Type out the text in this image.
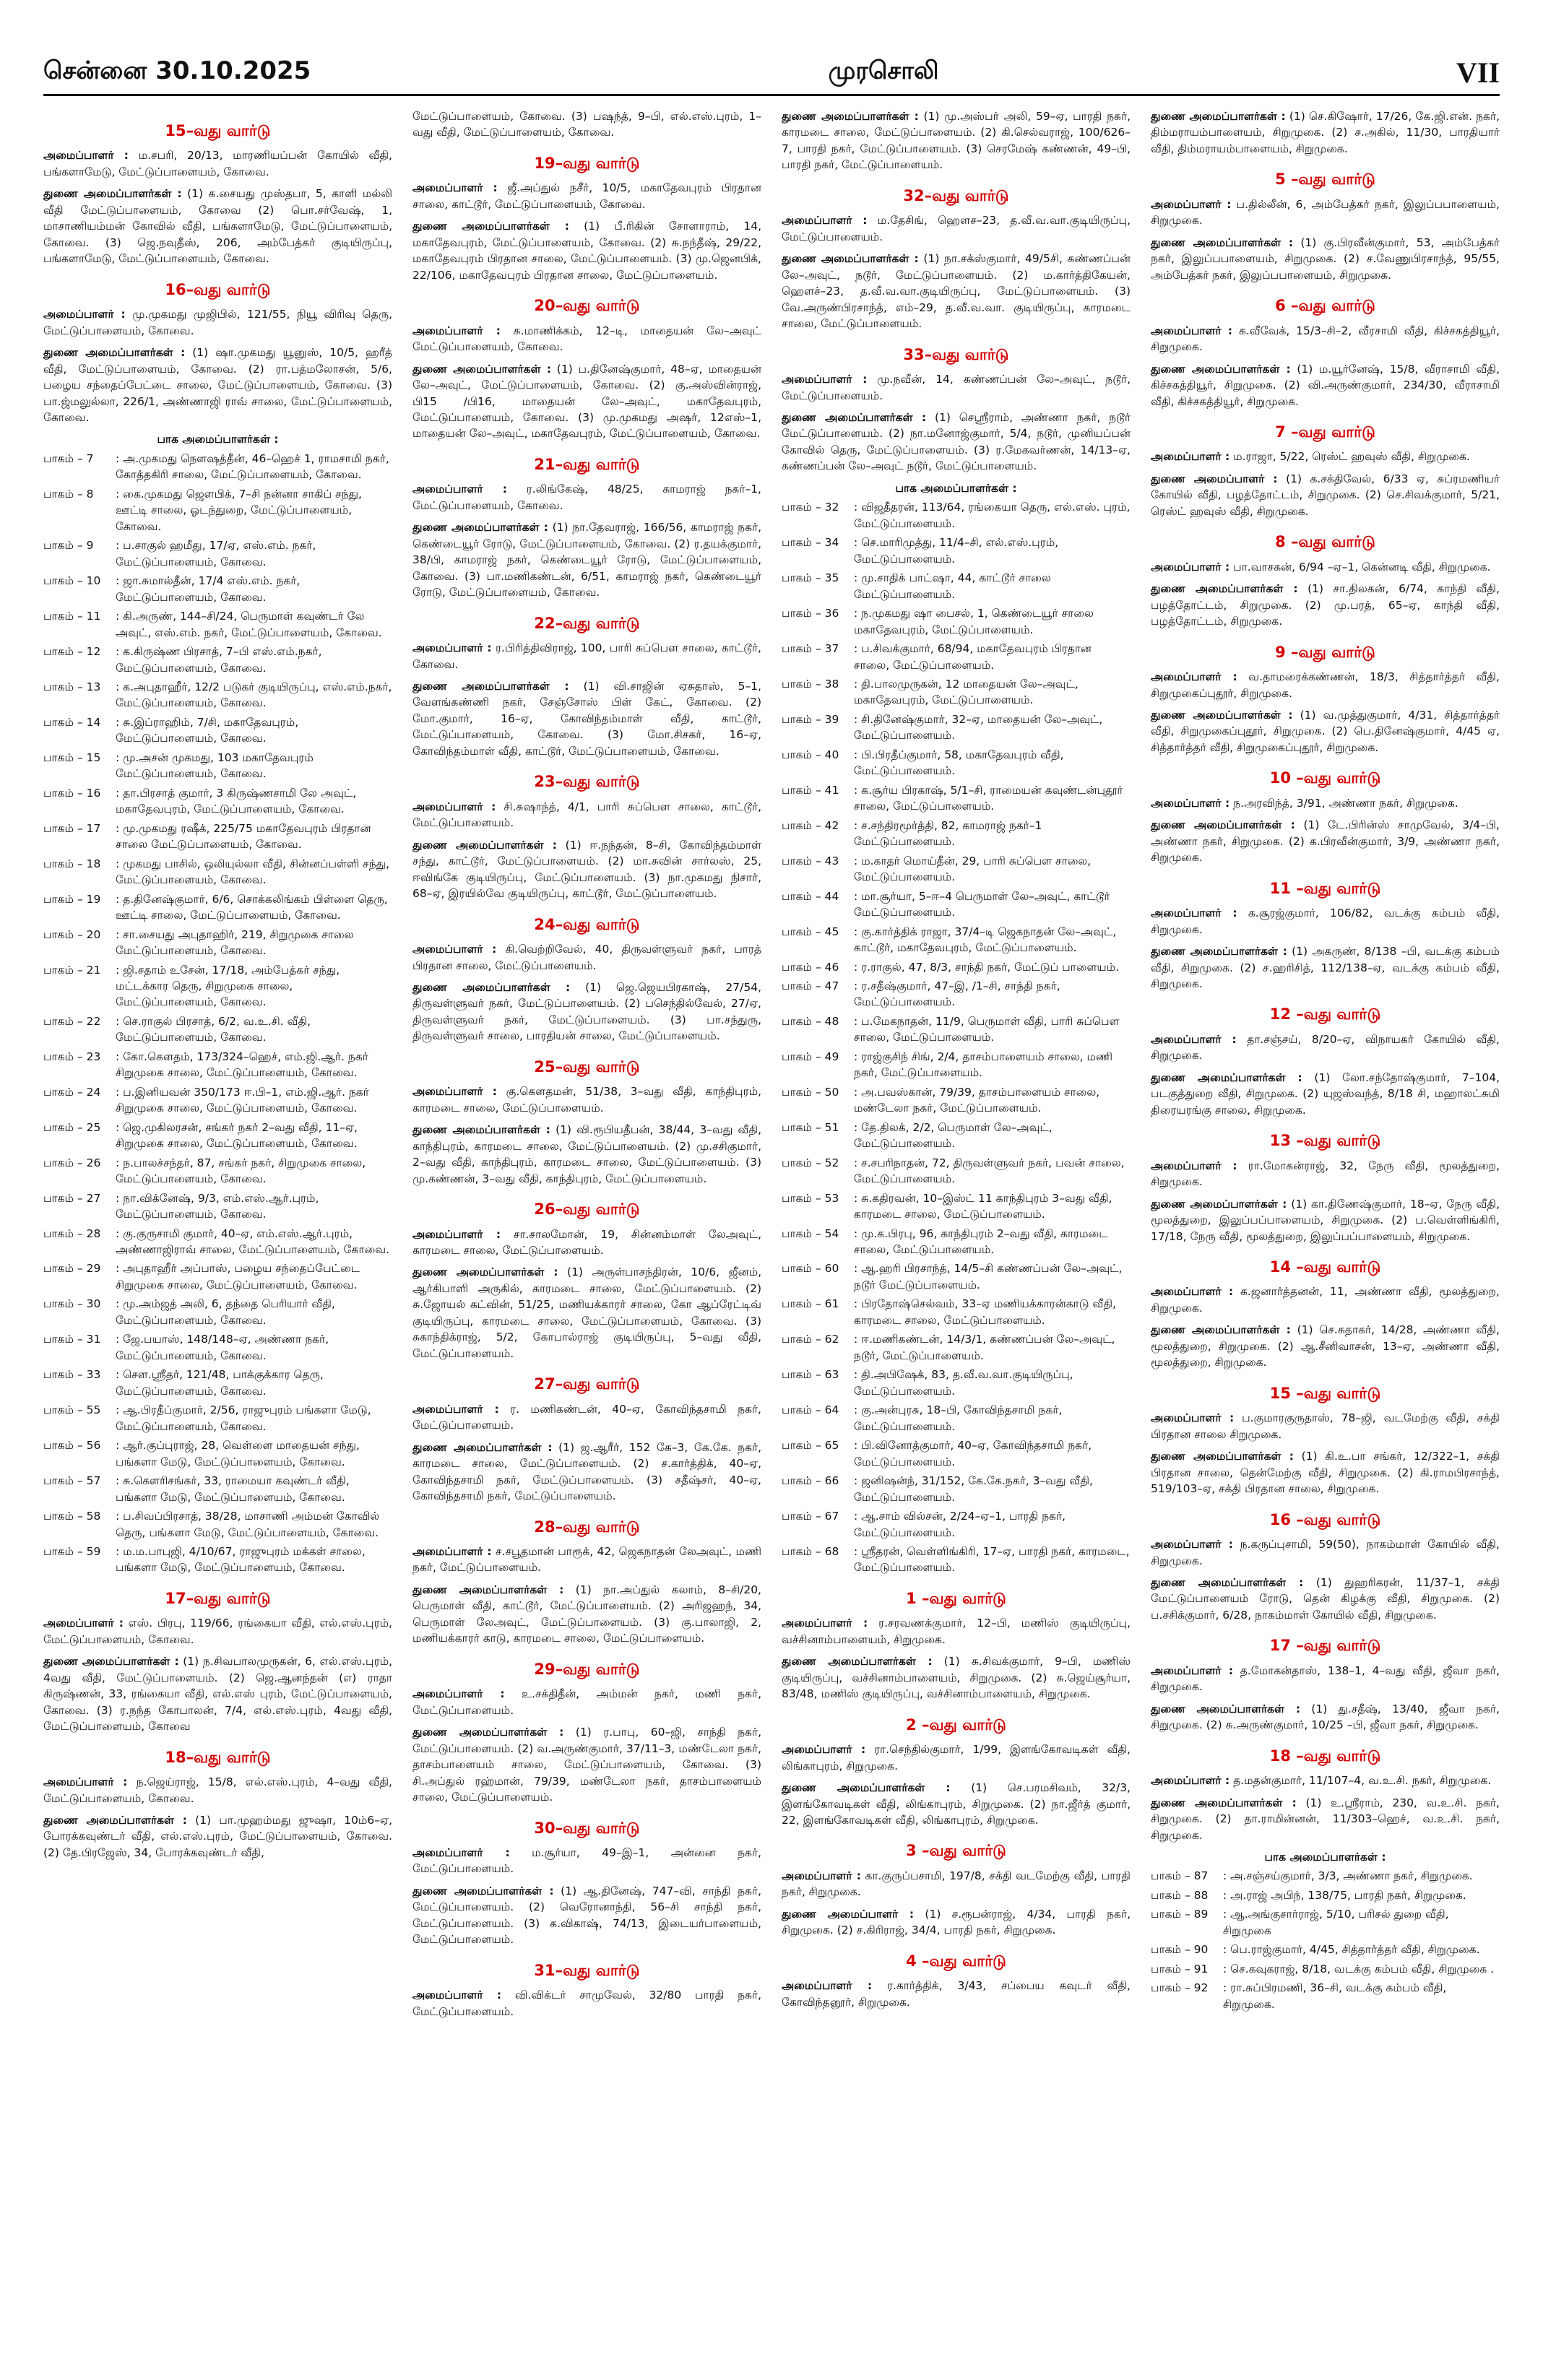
சென்னை 30.10.2025	முரசொலி	VII
15–வது வார்டு
அமைப்பாளர் : ம.சபரி, 20/13, மாரணியப்பன் கோயில் வீதி, பங்களாமேடு, மேட்டுப்பாளையம், கோவை.
துணை அமைப்பாளர்கள் : (1) க.சையது முஸ்தபா, 5, காளி மல்லி வீதி மேட்டுப்பாளையம், கோவை (2) பொ.சர்வேஷ், 1, மாசாணியம்மன் கோவில் வீதி, பங்களாமேடு, மேட்டுப்பாளையம், கோவை. (3) ஜெ.நவுதீஸ், 206, அம்பேத்கர் குடியிருப்பு, பங்களாமேடு, மேட்டுப்பாளையம், கோவை.
16–வது வார்டு
அமைப்பாளர் : மு.முகமது முஜிபில், 121/55, நியூ விரிவு தெரு, மேட்டுப்பாளையம், கோவை.
துணை அமைப்பாளர்கள் : (1) ஷா.முகமது யூனுஸ், 10/5, ஹரீத் வீதி, மேட்டுப்பாளையம், கோவை. (2) ரா.பத்மலோசன், 5/6, பழைய சந்தைப்பேட்டை சாலை, மேட்டுப்பாளையம், கோவை. (3) பா.ஜ்மலுல்லா, 226/1, அண்ணாஜி ராவ் சாலை, மேட்டுப்பாளையம், கோவை.
பாக அமைப்பாளர்கள் :
பாகம் – 7	: அ.முகமது நௌஷத்தீன், 46–ஹெச் 1, ராமசாமி நகர், கோத்தகிரி சாலை, மேட்டுப்பாளையம், கோவை.
பாகம் – 8	: கை.முகமது ஜௌபிக், 7–சி நன்னா சாகிப் சந்து, ஊட்டி சாலை, ஓடந்துறை, மேட்டுப்பாளையம், கோவை.
பாகம் – 9	: ப.சாகுல் ஹமீது, 17/ஏ, எஸ்.எம். நகர், மேட்டுப்பாளையம், கோவை.
பாகம் – 10	: ஜா.சுமால்தீன், 17/4 எஸ்.எம். நகர், மேட்டுப்பாளையம், கோவை.
பாகம் – 11	: கி.அருண், 144–சி/24, பெருமாள் கவுண்டர் லே அவுட், எஸ்.எம். நகர், மேட்டுப்பாளையம், கோவை.
பாகம் – 12	: க.கிருஷ்ண பிரசாத், 7–பி எஸ்.எம்.நகர், மேட்டுப்பாளையம், கோவை.
பாகம் – 13	: க.அபுதாஹீர், 12/2 படுகர் குடியிருப்பு, எஸ்.எம்.நகர், மேட்டுப்பாளையம், கோவை.
பாகம் – 14	: சு.இப்ராஹிம், 7/சி, மகாதேவபுரம், மேட்டுப்பாளையம், கோவை.
பாகம் – 15	: மு.அசன் முகமது, 103 மகாதேவபுரம் மேட்டுப்பாளையம், கோவை.
பாகம் – 16	: தா.பிரசாத் குமார், 3 கிருஷ்ணசாமி லே அவுட், மகாதேவபுரம், மேட்டுப்பாளையம், கோவை.
பாகம் – 17	: மு.முகமது ரஷீக், 225/75 மகாதேவபுரம் பிரதான சாலை மேட்டுப்பாளையம், கோவை.
பாகம் – 18	: முகமது பாசில், ஒலியுல்லா வீதி, சின்னப்பள்ளி சந்து, மேட்டுப்பாளையம், கோவை.
பாகம் – 19	: த.தினேஷ்குமார், 6/6, சொக்கலிங்கம் பிள்ளை தெரு, ஊட்டி சாலை, மேட்டுப்பாளையம், கோவை.
பாகம் – 20	: சா.சையது அபுதாஹிர், 219, சிறுமுகை சாலை மேட்டுப்பாளையம், கோவை.
பாகம் – 21	: ஜி.சதாம் உசேன், 17/18, அம்பேத்கர் சந்து, மட்டக்கார தெரு, சிறுமுகை சாலை, மேட்டுப்பாளையம், கோவை.
பாகம் – 22	: செ.ராகுல் பிரசாத், 6/2, வ.உ.சி. வீதி, மேட்டுப்பாளையம், கோவை.
பாகம் – 23	: கோ.கௌதம், 173/324–ஹெச், எம்.ஜி.ஆர். நகர் சிறுமுகை சாலை, மேட்டுப்பாளையம், கோவை.
பாகம் – 24	: ப.இனியவன் 350/173 ஈ.பி–1, எம்.ஜி.ஆர். நகர் சிறுமுகை சாலை, மேட்டுப்பாளையம், கோவை.
பாகம் – 25	: ஜெ.முகிலரசன், சங்கர் நகர் 2–வது வீதி, 11–ஏ, சிறுமுகை சாலை, மேட்டுப்பாளையம், கோவை.
பாகம் – 26	: ந.பாலச்சந்தர், 87, சங்கர் நகர், சிறுமுகை சாலை, மேட்டுப்பாளையம், கோவை.
பாகம் – 27	: நா.விக்னேஷ், 9/3, எம்.எஸ்.ஆர்.புரம், மேட்டுப்பாளையம், கோவை.
பாகம் – 28	: கு.குருசாமி குமார், 40–ஏ, எம்.எஸ்.ஆர்.புரம், அண்ணாஜிராவ் சாலை, மேட்டுப்பாளையம், கோவை.
பாகம் – 29	: அபுதாஹீர் அப்பாஸ், பழைய சந்தைப்பேட்டை சிறுமுகை சாலை, மேட்டுப்பாளையம், கோவை.
பாகம் – 30	: மு.அம்ஜத் அலி, 6, தந்தை பெரியார் வீதி, மேட்டுப்பாளையம், கோவை.
பாகம் – 31	: ஜே.பயாஸ், 148/148–ஏ, அண்ணா நகர், மேட்டுப்பாளையம், கோவை.
பாகம் – 33	: சௌ.ஸ்ரீதர், 121/48, பாக்குக்கார தெரு, மேட்டுப்பாளையம், கோவை.
பாகம் – 55	: ஆ.பிரதீப்குமார், 2/56, ராஜுபுரம் பங்களா மேடு, மேட்டுப்பாளையம், கோவை.
பாகம் – 56	: ஆர்.குப்புராஜ், 28, வெள்ளை மாதையன் சந்து, பங்களா மேடு, மேட்டுப்பாளையம், கோவை.
பாகம் – 57	: சு.கௌரிசங்கர், 33, ராமையா கவுண்டர் வீதி, பங்களா மேடு, மேட்டுப்பாளையம், கோவை.
பாகம் – 58	: ப.சிவப்பிரசாத், 38/28, மாசாணி அம்மன் கோவில் தெரு, பங்களா மேடு, மேட்டுப்பாளையம், கோவை.
பாகம் – 59	: ம.ம.பாபுஜி, 4/10/67, ராஜுபுரம் மக்கள் சாலை, பங்களா மேடு, மேட்டுப்பாளையம், கோவை.
17–வது வார்டு
அமைப்பாளர் : எஸ். பிரபு, 119/66, ரங்கையா வீதி, எல்.எஸ்.புரம், மேட்டுப்பாளையம், கோவை.
துணை அமைப்பாளர்கள் : (1) ந.சிவபாலமுருகன், 6, எல்.எஸ்.புரம், 4வது வீதி, மேட்டுப்பாளையம். (2) ஜெ.ஆனந்தன் (எ) ராதா கிருஷ்ணன், 33, ரங்கையா வீதி, எல்.எஸ் புரம், மேட்டுப்பாளையம், கோவை. (3) ர.நந்த கோபாலன், 7/4, எல்.எஸ்.புரம், 4வது வீதி, மேட்டுப்பாளையம், கோவை
18–வது வார்டு
அமைப்பாளர் : ந.ஜெய்ராஜ், 15/8, எல்.எஸ்.புரம், 4–வது வீதி, மேட்டுப்பாளையம், கோவை.
துணை அமைப்பாளர்கள் : (1) பா.முஹம்மது ஜுஷா, 10ம்6–ஏ, போரக்கவுண்டர் வீதி, எல்.எஸ்.புரம், மேட்டுப்பாளையம், கோவை. (2) தே.பிரஜேஸ், 34, போரக்கவுண்டர் வீதி,
மேட்டுப்பாளையம், கோவை. (3) பஷந்த், 9–பி, எல்.எஸ்.புரம், 1–வது வீதி, மேட்டுப்பாளையம், கோவை.
19–வது வார்டு
அமைப்பாளர் : ஜீ.அப்துல் நசீர், 10/5, மகாதேவபுரம் பிரதான சாலை, காட்டூர், மேட்டுப்பாளையம், கோவை.
துணை அமைப்பாளர்கள் : (1) பீ.ரிகின் சோளாராம், 14, மகாதேவபுரம், மேட்டுப்பாளையம், கோவை. (2) சு.நந்தீஷ், 29/22, மகாதேவபுரம் பிரதான சாலை, மேட்டுப்பாளையம். (3) மு.ஜெனபிக், 22/106, மகாதேவபுரம் பிரதான சாலை, மேட்டுப்பாளையம்.
20–வது வார்டு
அமைப்பாளர் : சு.மாணிக்கம், 12–டி, மாதையன் லே–அவுட் மேட்டுப்பாளையம், கோவை.
துணை அமைப்பாளர்கள் : (1) ப.தினேஷ்குமார், 48–ஏ, மாதையன் லே–அவுட், மேட்டுப்பாளையம், கோவை. (2) கு.அஸ்வின்ராஜ், பி15 /பி16, மாதையன் லே–அவுட், மகாதேவபுரம், மேட்டுப்பாளையம், கோவை. (3) மு.முகமது அஷர், 12எஸ்–1, மாதையன் லே–அவுட், மகாதேவபுரம், மேட்டுப்பாளையம், கோவை.
21–வது வார்டு
அமைப்பாளர் : ர.லிங்கேஷ், 48/25, காமராஜ் நகர்–1, மேட்டுப்பாளையம், கோவை.
துணை அமைப்பாளர்கள் : (1) நா.தேவராஜ், 166/56, காமராஜ் நகர், கெண்டையூர் ரோடு, மேட்டுப்பாளையம், கோவை. (2) ர.தயக்குமார், 38/பி, காமராஜ் நகர், கெண்டையூர் ரோடு, மேட்டுப்பாளையம், கோவை. (3) பா.மணிகண்டன், 6/51, காமராஜ் நகர், கெண்டையூர் ரோடு, மேட்டுப்பாளையம், கோவை.
22–வது வார்டு
அமைப்பாளர் : ர.பிரித்திவிராஜ், 100, பாரி சுப்பௌ சாலை, காட்டூர், கோவை.
துணை அமைப்பாளர்கள் : (1) வி.சாஜின் ஏசுதாஸ், 5–1, வேளங்கண்ணி நகர், சேஞ்சோஸ் பிள் கேட், கோவை. (2) மோ.குமார், 16–ஏ, கோவிந்தம்மாள் வீதி, காட்டூர், மேட்டுப்பாளையம், கோவை. (3) மோ.சிசகர், 16–ஏ, கோவிந்தம்மாள் வீதி, காட்டூர், மேட்டுப்பாளையம், கோவை.
23–வது வார்டு
அமைப்பாளர் : சி.சுஷாந்த், 4/1, பாரி சுப்பௌ சாலை, காட்டூர், மேட்டுப்பாளையம்.
துணை அமைப்பாளர்கள் : (1) ஈ.நந்தன், 8–சி, கோவிந்தம்மாள் சந்து, காட்டூர், மேட்டுப்பாளையம். (2) மா.சுவின் சார்லஸ், 25, ஈவிங்கே குடியிருப்பு, மேட்டுப்பாளையம். (3) நா.முகமது நிசார், 68–ஏ, இரயில்வே குடியிருப்பு, காட்டூர், மேட்டுப்பாளையம்.
24–வது வார்டு
அமைப்பாளர் : கி.வெற்றிவேல், 40, திருவள்ளுவர் நகர், பாரத் பிரதான சாலை, மேட்டுப்பாளையம்.
துணை அமைப்பாளர்கள் : (1) ஜெ.ஜெயபிரகாஷ், 27/54, திருவள்ளுவர் நகர், மேட்டுப்பாளையம். (2) பசெந்தில்வேல், 27/ஏ, திருவள்ளுவர் நகர், மேட்டுப்பாளையம். (3) பா.சந்துரு, திருவள்ளுவர் சாலை, பாரதியன் சாலை, மேட்டுப்பாளையம்.
25–வது வார்டு
அமைப்பாளர் : கு.கௌதமன், 51/38, 3–வது வீதி, காந்திபுரம், காரமடை சாலை, மேட்டுப்பாளையம்.
துணை அமைப்பாளர்கள் : (1) வி.ரூபியதீபன், 38/44, 3–வது வீதி, காந்திபுரம், காரமடை சாலை, மேட்டுப்பாளையம். (2) மு.சசிகுமார், 2–வது வீதி, காந்திபுரம், காரமடை சாலை, மேட்டுப்பாளையம். (3) மு.கண்ணன், 3–வது வீதி, காந்திபுரம், மேட்டுப்பாளையம்.
26–வது வார்டு
அமைப்பாளர் : சா.சாலமோன், 19, சின்னம்மாள் லேஅவுட், காரமடை சாலை, மேட்டுப்பாளையம்.
துணை அமைப்பாளர்கள் : (1) அருள்பாசந்திரன், 10/6, ஜீனம், ஆர்கிபாளி அருகில், காரமடை சாலை, மேட்டுப்பாளையம். (2) சு.ஜோயல் கட்வின், 51/25, மணியக்காரர் சாலை, கோ ஆப்ரேட்டிவ் குடியிருப்பு, காரமடை சாலை, மேட்டுப்பாளையம், கோவை. (3) சுகாந்திக்ராஜ், 5/2, கோபால்ராஜ் குடியிருப்பு, 5–வது வீதி, மேட்டுப்பாளையம்.
27–வது வார்டு
அமைப்பாளர் : ர. மணிகண்டன், 40–ஏ, கோவிந்தசாமி நகர், மேட்டுப்பாளையம்.
துணை அமைப்பாளர்கள் : (1) ஜ.ஆரீர், 152 கே–3, கே.கே. நகர், காரமடை சாலை, மேட்டுப்பாளையம். (2) ச.கார்த்திக், 40–ஏ, கோவிந்தசாமி நகர், மேட்டுப்பாளையம். (3) சதீஷ்சர், 40–ஏ, கோவிந்தசாமி நகர், மேட்டுப்பாளையம்.
28–வது வார்டு
அமைப்பாளர் : ச.சபூதமான் பாரூக், 42, ஜெகநாதன் லேஅவுட், மணி நகர், மேட்டுப்பாளையம்.
துணை அமைப்பாளர்கள் : (1) நா.அப்துல் கலாம், 8–சி/20, பெருமாள் வீதி, காட்டூர், மேட்டுப்பாளையம். (2) அரிஜஹந், 34, பெருமாள் லேஅவுட், மேட்டுப்பாளையம். (3) கு.பாலாஜி, 2, மணியக்காரர் காடு, காரமடை சாலை, மேட்டுப்பாளையம்.
29–வது வார்டு
அமைப்பாளர் : உ.சக்திதீன், அம்மன் நகர், மணி நகர், மேட்டுப்பாளையம்.
துணை அமைப்பாளர்கள் : (1) ர.பாபு, 60–ஜி, சாந்தி நகர், மேட்டுப்பாளையம். (2) வ.அருண்குமார், 37/11–3, மண்டேலா நகர், தாசம்பாளையம் சாலை, மேட்டுப்பாளையம், கோவை. (3) சி.அப்துல் ரஹ்மான், 79/39, மண்டேலா நகர், தாசம்பாளையம் சாலை, மேட்டுப்பாளையம்.
30–வது வார்டு
அமைப்பாளர் : ம.சூர்யா, 49–இ–1, அன்னை நகர், மேட்டுப்பாளையம்.
துணை அமைப்பாளர்கள் : (1) ஆ.தினேஷ், 747–வி, சாந்தி நகர், மேட்டுப்பாளையம். (2) வெரோனாந்தி, 56–சி சாந்தி நகர், மேட்டுப்பாளையம். (3) க.விகாஷ், 74/13, இடையர்பாளையம், மேட்டுப்பாளையம்.
31–வது வார்டு
அமைப்பாளர் : வி.விக்டர் சாமுவேல், 32/80 பாரதி நகர், மேட்டுப்பாளையம்.
துணை அமைப்பாளர்கள் : (1) மு.அஸ்பர் அலி, 59–ஏ, பாரதி நகர், காரமடை சாலை, மேட்டுப்பாளையம். (2) கி.செல்வராஜ், 100/626–7, பாரதி நகர், மேட்டுப்பாளையம். (3) செரமேஷ் கண்ணன், 49–பி, பாரதி நகர், மேட்டுப்பாளையம்.
32–வது வார்டு
அமைப்பாளர் : ம.தேசிங், ஹௌச–23, த.வீ.வ.வா.குடியிருப்பு, மேட்டுப்பாளையம்.
துணை அமைப்பாளர்கள் : (1) நா.சக்ஸ்குமார், 49/5சி, கண்ணப்பன் லே–அவுட், நடூர், மேட்டுப்பாளையம். (2) ம.கார்த்திகேயன், ஹௌச்–23, த.வீ.வ.வா.குடியிருப்பு, மேட்டுப்பாளையம். (3) வே.அருண்பிரசாந்த், எம்–29, த.வீ.வ.வா. குடியிருப்பு, காரமடை சாலை, மேட்டுப்பாளையம்.
33–வது வார்டு
அமைப்பாளர் : மு.நவீன், 14, கண்ணப்பன் லே–அவுட், நடூர், மேட்டுப்பாளையம்.
துணை அமைப்பாளர்கள் : (1) செஸ்ரீராம், அண்ணா நகர், நடூர் மேட்டுப்பாளையம். (2) நா.மனோஜ்குமார், 5/4, நடூர், முனியப்பன் கோவில் தெரு, மேட்டுப்பாளையம். (3) ர.மேகவர்ணன், 14/13–ஏ, கண்ணப்பன் லே–அவுட் நடூர், மேட்டுப்பாளையம்.
பாக அமைப்பாளர்கள் :
பாகம் – 32	: விஜதீதரன், 113/64, ரங்கையா தெரு, எல்.எஸ். புரம், மேட்டுப்பாளையம்.
பாகம் – 34	: செ.மாரிமுத்து, 11/4–சி, எல்.எஸ்.புரம், மேட்டுப்பாளையம்.
பாகம் – 35	: மு.சாதிக் பாட்ஷா, 44, காட்டூர் சாலை மேட்டுப்பாளையம்.
பாகம் – 36	: ந.முகமது ஷா பைசல், 1, கெண்டையூர் சாலை மகாதேவபுரம், மேட்டுப்பாளையம்.
பாகம் – 37	: ப.சிவக்குமார், 68/94, மகாதேவபுரம் பிரதான சாலை, மேட்டுப்பாளையம்.
பாகம் – 38	: தி.பாலமுருகன், 12 மாதையன் லே–அவுட், மகாதேவபுரம், மேட்டுப்பாளையம்.
பாகம் – 39	: சி.தினேஷ்குமார், 32–ஏ, மாதையன் லே–அவுட், மேட்டுப்பாளையம்.
பாகம் – 40	: பி.பிரதீப்குமார், 58, மகாதேவபுரம் வீதி, மேட்டுப்பாளையம்.
பாகம் – 41	: க.சூர்ய பிரகாஷ், 5/1–சி, ராமையன் கவுண்டன்புதூர் சாலை, மேட்டுப்பாளையம்.
பாகம் – 42	: ச.சந்திரமூர்த்தி, 82, காமராஜ் நகர்–1 மேட்டுப்பாளையம்.
பாகம் – 43	: ம.காதர் மொய்தீன், 29, பாரி சுப்பௌ சாலை, மேட்டுப்பாளையம்.
பாகம் – 44	: மா.சூர்யா, 5–ஈ–4 பெருமாள் லே–அவுட், காட்டூர் மேட்டுப்பாளையம்.
பாகம் – 45	: கு.கார்த்திக் ராஜா, 37/4–டி ஜெகநாதன் லே–அவுட், காட்டூர், மகாதேவபுரம், மேட்டுப்பாளையம்.
பாகம் – 46	: ர.ராகுல், 47, 8/3, சாந்தி நகர், மேட்டுப் பாளையம்.
பாகம் – 47	: ர.சதீஷ்குமார், 47–இ, /1–சி, சாந்தி நகர், மேட்டுப்பாளையம்.
பாகம் – 48	: ப.மேகநாதன், 11/9, பெருமாள் வீதி, பாரி சுப்பௌ சாலை, மேட்டுப்பாளையம்.
பாகம் – 49	: ராஜ்குசிந் சிங், 2/4, தாசம்பாளையம் சாலை, மணி நகர், மேட்டுப்பாளையம்.
பாகம் – 50	: அ.பவஸ்கான், 79/39, தாசம்பாளையம் சாலை, மண்டேலா நகர், மேட்டுப்பாளையம்.
பாகம் – 51	: தே.திலக், 2/2, பெருமாள் லே–அவுட், மேட்டுப்பாளையம்.
பாகம் – 52	: ச.சபரிநாதன், 72, திருவள்ளுவர் நகர், பவன் சாலை, மேட்டுப்பாளையம்.
பாகம் – 53	: சு.கதிரவன், 10–இஸ்ட் 11 காந்திபுரம் 3–வது வீதி, காரமடை சாலை, மேட்டுப்பாளையம்.
பாகம் – 54	: மு.க.பிரபு, 96, காந்திபுரம் 2–வது வீதி, காரமடை சாலை, மேட்டுப்பாளையம்.
பாகம் – 60	: ஆ.ஹரி பிரசாந்த், 14/5–சி கண்ணப்பன் லே–அவுட், நடூர் மேட்டுப்பாளையம்.
பாகம் – 61	: பிரதோஷ்செல்வம், 33–ஏ மணியக்காரன்காடு வீதி, காரமடை சாலை, மேட்டுப்பாளையம்.
பாகம் – 62	: ஈ.மணிகண்டன், 14/3/1, கண்ணப்பன் லே–அவுட், நடூர், மேட்டுப்பாளையம்.
பாகம் – 63	: தி.அபிஷேக், 83, த.வீ.வ.வா.குடியிருப்பு, மேட்டுப்பாளையம்.
பாகம் – 64	: கு.அன்புரசு, 18–பி, கோவிந்தசாமி நகர், மேட்டுப்பாளையம்.
பாகம் – 65	: பி.வினோத்குமார், 40–ஏ, கோவிந்தசாமி நகர், மேட்டுப்பாளையம்.
பாகம் – 66	: ஜனிஷன்ந், 31/152, கே.கே.நகர், 3–வது வீதி, மேட்டுப்பாளையம்.
பாகம் – 67	: ஆ.சாம் வில்சன், 2/24–ஏ–1, பாரதி நகர், மேட்டுப்பாளையம்.
பாகம் – 68	: ஸ்ரீதரன், வெள்ளிங்கிரி, 17–ஏ, பாரதி நகர், காரமடை, மேட்டுப்பாளையம்.
1 –வது வார்டு
அமைப்பாளர் : ர.சரவணக்குமார், 12–பி, மணிஸ் குடியிருப்பு, வச்சினாம்பாளையம், சிறுமுகை.
துணை அமைப்பாளர்கள் : (1) சு.சிவக்குமார், 9–பி, மணிஸ் குடியிருப்பு, வச்சினாம்பாளையம், சிறுமுகை. (2) சு.ஜெய்சூர்யா, 83/48, மணிஸ் குடியிருப்பு, வச்சினாம்பாளையம், சிறுமுகை.
2 –வது வார்டு
அமைப்பாளர் : ரா.செந்தில்குமார், 1/99, இளங்கோவடிகள் வீதி, லிங்காபுரம், சிறுமுகை.
துணை அமைப்பாளர்கள் : (1) செ.பரமசிவம், 32/3, இளங்கோவடிகள் வீதி, லிங்காபுரம், சிறுமுகை. (2) நா.ஜீர்த் குமார், 22, இளங்கோவடிகள் வீதி, லிங்காபுரம், சிறுமுகை.
3 –வது வார்டு
அமைப்பாளர் : கா.குருப்பசாமி, 197/8, சக்தி வடமேற்கு வீதி, பாரதி நகர், சிறுமுகை.
துணை அமைப்பாளர் : (1) ச.ரூபன்ராஜ், 4/34, பாரதி நகர், சிறுமுகை. (2) ச.கிரிராஜ், 34/4, பாரதி நகர், சிறுமுகை.
4 –வது வார்டு
அமைப்பாளர் : ர.கார்த்திக், 3/43, சப்பைய கவுடர் வீதி, கோவிந்தனூர், சிறுமுகை.
துணை அமைப்பாளர்கள் : (1) செ.கிஷோர், 17/26, கே.ஜி.என். நகர், திம்மராயம்பாளையம், சிறுமுகை. (2) ச.அகில், 11/30, பாரதியார் வீதி, திம்மராயம்பாளையம், சிறுமுகை.
5 –வது வார்டு
அமைப்பாளர் : ப.தில்லீன், 6, அம்பேத்கர் நகர், இலுப்பபாளையம், சிறுமுகை.
துணை அமைப்பாளர்கள் : (1) கு.பிரவீன்குமார், 53, அம்பேத்கர் நகர், இலுப்பபாளையம், சிறுமுகை. (2) ச.வேணுபிரசாந்த், 95/55, அம்பேத்கர் நகர், இலுப்பபாளையம், சிறுமுகை.
6 –வது வார்டு
அமைப்பாளர் : க.வீவேக், 15/3–சி–2, வீரசாமி வீதி, கிச்சகத்தியூர், சிறுமுகை.
துணை அமைப்பாளர்கள் : (1) ம.யூர்னேஷ், 15/8, வீராசாமி வீதி, கிச்சகத்தியூர், சிறுமுகை. (2) வி.அருண்குமார், 234/30, வீராசாமி வீதி, கிச்சகத்தியூர், சிறுமுகை.
7 –வது வார்டு
அமைப்பாளர் : ம.ராஜா, 5/22, ரெஸ்ட் ஹவுஸ் வீதி, சிறுமுகை.
துணை அமைப்பாளர் : (1) க.சக்திவேல், 6/33 ஏ, சுப்ரமணியர் கோயில் வீதி, பழத்தோட்டம், சிறுமுகை. (2) செ.சிவக்குமார், 5/21, ரெஸ்ட் ஹவுஸ் வீதி, சிறுமுகை.
8 –வது வார்டு
அமைப்பாளர் : பா.வாசகன், 6/94 –ஏ–1, கென்னடி வீதி, சிறுமுகை.
துணை அமைப்பாளர்கள் : (1) சா.திலகன், 6/74, காந்தி வீதி, பழத்தோட்டம், சிறுமுகை. (2) மு.பரத், 65–ஏ, காந்தி வீதி, பழத்தோட்டம், சிறுமுகை.
9 –வது வார்டு
அமைப்பாளர் : வ.தாமரைக்கண்ணன், 18/3, சித்தார்த்தர் வீதி, சிறுமுகைப்புதூர், சிறுமுகை.
துணை அமைப்பாளர்கள் : (1) வ.முத்துகுமார், 4/31, சித்தார்த்தர் வீதி, சிறுமுகைப்புதூர், சிறுமுகை. (2) பெ.தினேஷ்குமார், 4/45 ஏ, சித்தார்த்தர் வீதி, சிறுமுகைப்புதூர், சிறுமுகை.
10 –வது வார்டு
அமைப்பாளர் : ந.அரவிந்த், 3/91, அண்ணா நகர், சிறுமுகை.
துணை அமைப்பாளர்கள் : (1) டே.பிரின்ஸ் சாமுவேல், 3/4–பி, அண்ணா நகர், சிறுமுகை. (2) க.பிரவீன்குமார், 3/9, அண்ணா நகர், சிறுமுகை.
11 –வது வார்டு
அமைப்பாளர் : க.சூரஜ்குமார், 106/82, வடக்கு கம்பம் வீதி, சிறுமுகை.
துணை அமைப்பாளர்கள் : (1) அகருண், 8/138 –பி, வடக்கு கம்பம் வீதி, சிறுமுகை. (2) ச.ஹரிசித், 112/138–ஏ, வடக்கு கம்பம் வீதி, சிறுமுகை.
12 –வது வார்டு
அமைப்பாளர் : தா.சஞ்சய், 8/20–ஏ, விநாயகர் கோயில் வீதி, சிறுமுகை.
துணை அமைப்பாளர்கள் : (1) லோ.சந்தோஷ்குமார், 7–104, படகுத்துறை வீதி, சிறுமுகை. (2) யுஜஸ்வந்த், 8/18 சி, மஹாலட்சுமி திரையரங்கு சாலை, சிறுமுகை.
13 –வது வார்டு
அமைப்பாளர் : ரா.மோகன்ராஜ், 32, நேரு வீதி, மூலத்துறை, சிறுமுகை.
துணை அமைப்பாளர்கள் : (1) கா.திணேஷ்குமார், 18–ஏ, நேரு வீதி, மூலத்துறை, இலுப்பப்பாளையம், சிறுமுகை. (2) ப.வெள்ளிங்கிரி, 17/18, நேரு வீதி, மூலத்துறை, இலுப்பப்பாளையம், சிறுமுகை.
14 –வது வார்டு
அமைப்பாளர் : க.ஜனார்த்தனன், 11, அண்ணா வீதி, மூலத்துறை, சிறுமுகை.
துணை அமைப்பாளர்கள் : (1) செ.சுதாகர், 14/28, அண்ணா வீதி, மூலத்துறை, சிறுமுகை. (2) ஆ.சீனிவாசன், 13–ஏ, அண்ணா வீதி, மூலத்துறை, சிறுமுகை.
15 –வது வார்டு
அமைப்பாளர் : ப.குமாரகுருதாஸ், 78–ஜி, வடமேற்கு வீதி, சக்தி பிரதான சாலை சிறுமுகை.
துணை அமைப்பாளர்கள் : (1) கி.உ.பா சங்கர், 12/322–1, சக்தி பிரதான சாலை, தென்மேற்கு வீதி, சிறுமுகை. (2) கி.ராமபிரசாந்த், 519/103–ஏ, சக்தி பிரதான சாலை, சிறுமுகை.
16 –வது வார்டு
அமைப்பாளர் : ந.கருப்புசாமி, 59(50), நாகம்மாள் கோயில் வீதி, சிறுமுகை.
துணை அமைப்பாளர்கள் : (1) துஹரிகரன், 11/37–1, சக்தி மேட்டுப்பாளையம் ரோடு, தென் கிழக்கு வீதி, சிறுமுகை. (2) ப.சசிக்குமார், 6/28, நாகம்மாள் கோயில் வீதி, சிறுமுகை.
17 –வது வார்டு
அமைப்பாளர் : த.மோகன்தாஸ், 138–1, 4–வது வீதி, ஜீவா நகர், சிறுமுகை.
துணை அமைப்பாளர்கள் : (1) து.சதீஷ், 13/40, ஜீவா நகர், சிறுமுகை. (2) சு.அருண்குமார், 10/25 –பி, ஜீவா நகர், சிறுமுகை.
18 –வது வார்டு
அமைப்பாளர் : த.மதன்குமார், 11/107–4, வ.உ.சி. நகர், சிறுமுகை.
துணை அமைப்பாளர்கள் : (1) உ.ஸ்ரீராம், 230, வ.உ.சி. நகர், சிறுமுகை. (2) தா.ராமின்னன், 11/303–ஹெச், வ.உ.சி. நகர், சிறுமுகை.
பாக அமைப்பாளர்கள் :
பாகம் – 87	: அ.சஞ்சய்குமார், 3/3, அண்ணா நகர், சிறுமுகை.
பாகம் – 88	: அ.ராஜ் அபிந், 138/75, பாரதி நகர், சிறுமுகை.
பாகம் – 89	: ஆ.அங்குசார்ராஜ், 5/10, பரிசல் துறை வீதி, சிறுமுகை
பாகம் – 90	: பெ.ராஜ்குமார், 4/45, சித்தார்த்தர் வீதி, சிறுமுகை.
பாகம் – 91	: செ.கவுகராஜ், 8/18, வடக்கு கம்பம் வீதி, சிறுமுகை .
பாகம் – 92	: ரா.சுப்பிரமணி, 36–சி, வடக்கு கம்பம் வீதி, சிறுமுகை.
